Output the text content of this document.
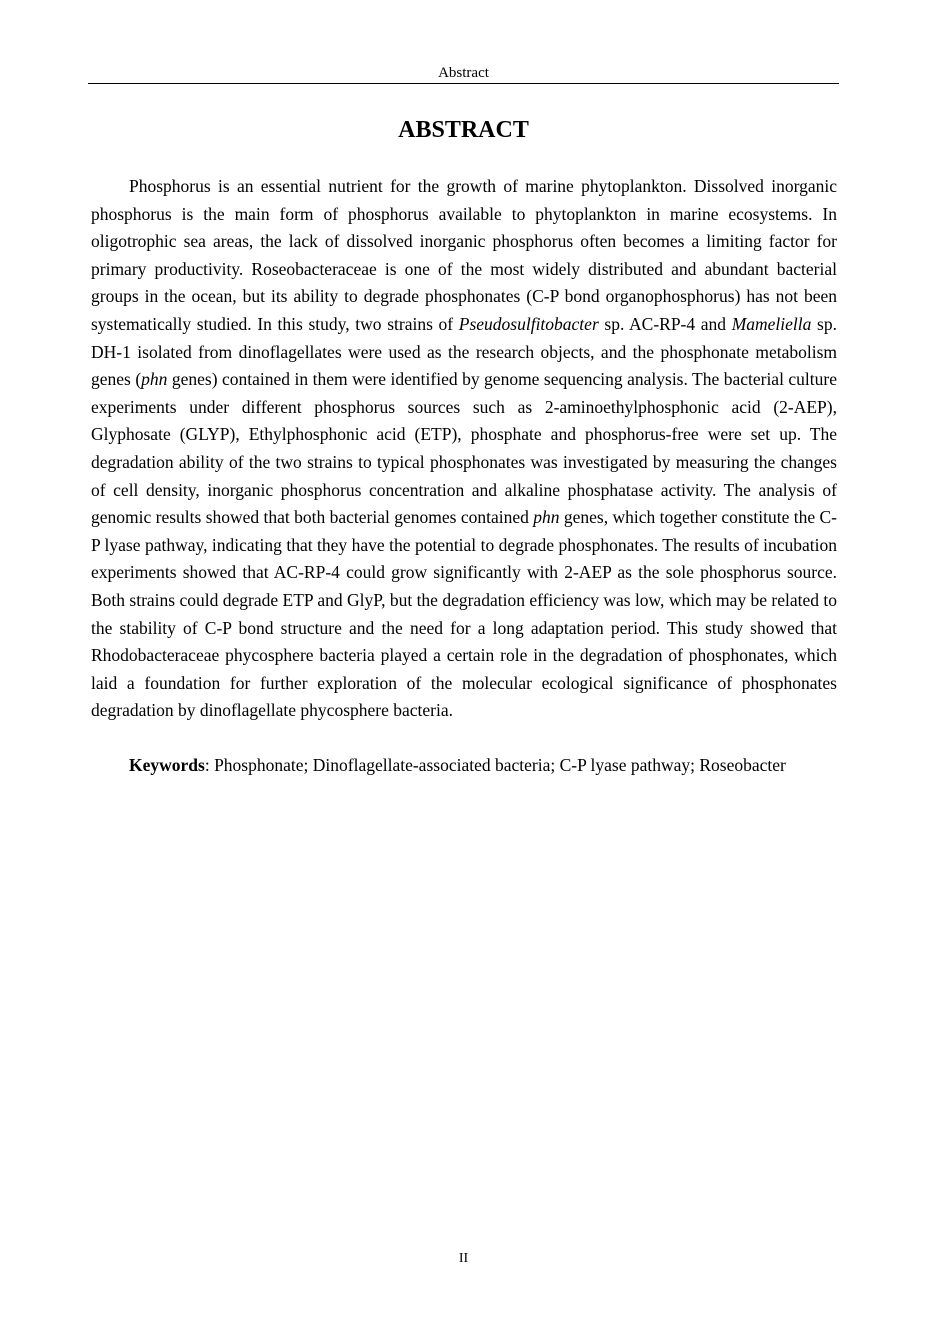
Abstract
ABSTRACT

Phosphorus is an essential nutrient for the growth of marine phytoplankton. Dissolved inorganic phosphorus is the main form of phosphorus available to phytoplankton in marine ecosystems. In oligotrophic sea areas, the lack of dissolved inorganic phosphorus often becomes a limiting factor for primary productivity. Roseobacteraceae is one of the most widely distributed and abundant bacterial groups in the ocean, but its ability to degrade phosphonates (C-P bond organophosphorus) has not been systematically studied. In this study, two strains of Pseudosulfitobacter sp. AC-RP-4 and Mameliella sp. DH-1 isolated from dinoflagellates were used as the research objects, and the phosphonate metabolism genes (phn genes) contained in them were identified by genome sequencing analysis. The bacterial culture experiments under different phosphorus sources such as 2-aminoethylphosphonic acid (2-AEP), Glyphosate (GLYP), Ethylphosphonic acid (ETP), phosphate and phosphorus-free were set up. The degradation ability of the two strains to typical phosphonates was investigated by measuring the changes of cell density, inorganic phosphorus concentration and alkaline phosphatase activity. The analysis of genomic results showed that both bacterial genomes contained phn genes, which together constitute the C-P lyase pathway, indicating that they have the potential to degrade phosphonates. The results of incubation experiments showed that AC-RP-4 could grow significantly with 2-AEP as the sole phosphorus source. Both strains could degrade ETP and GlyP, but the degradation efficiency was low, which may be related to the stability of C-P bond structure and the need for a long adaptation period. This study showed that Rhodobacteraceae phycosphere bacteria played a certain role in the degradation of phosphonates, which laid a foundation for further exploration of the molecular ecological significance of phosphonates degradation by dinoflagellate phycosphere bacteria.

Keywords: Phosphonate; Dinoflagellate-associated bacteria; C-P lyase pathway; Roseobacter

II
